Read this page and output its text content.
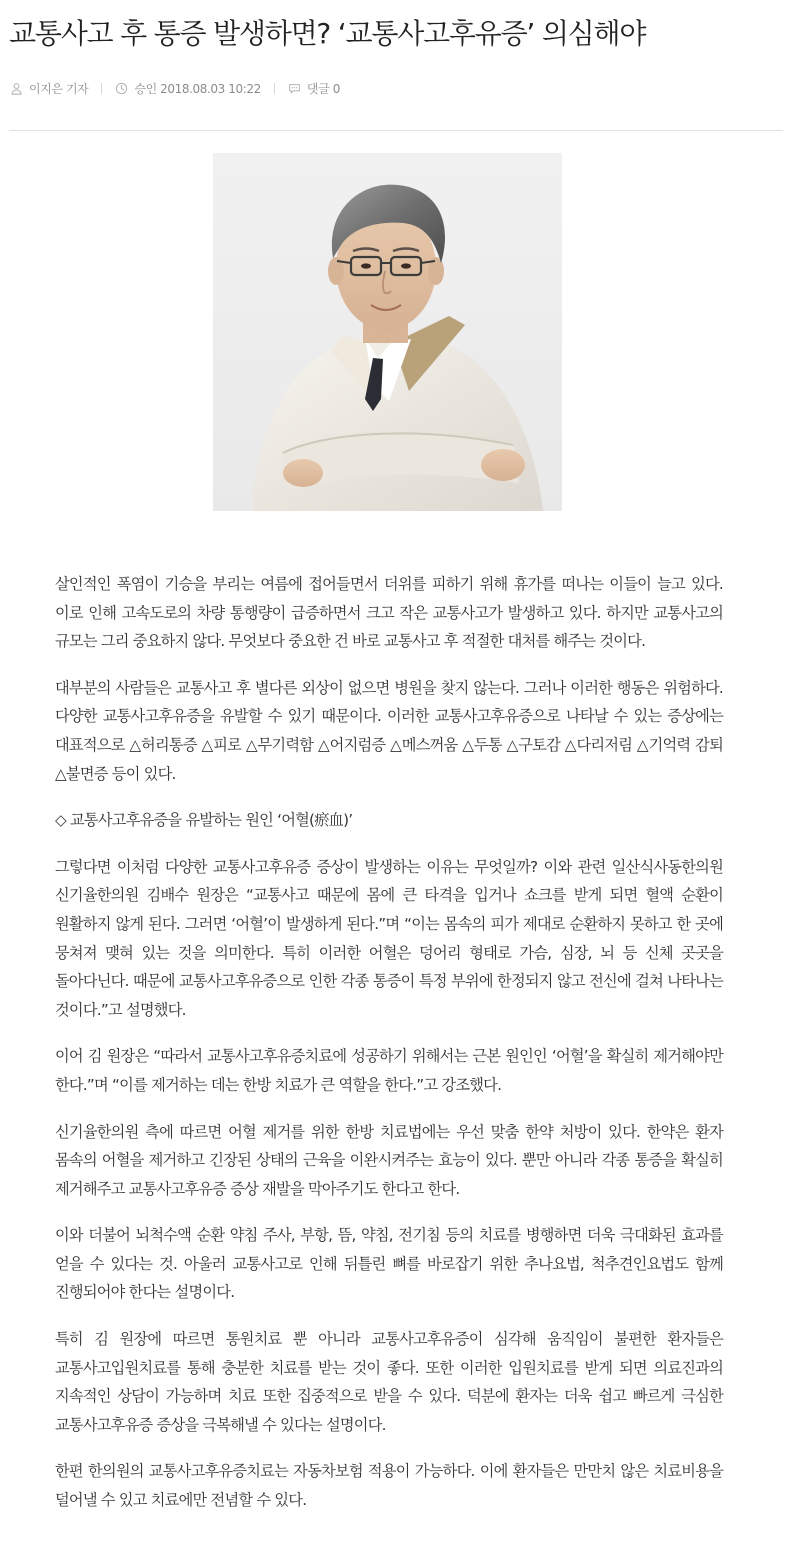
교통사고 후 통증 발생하면? ‘교통사고후유증’ 의심해야
이지은 기자	승인 2018.08.03 10:22	댓글 0

살인적인 폭염이 기승을 부리는 여름에 접어들면서 더위를 피하기 위해 휴가를 떠나는 이들이 늘고 있다. 이로 인해 고속도로의 차량 통행량이 급증하면서 크고 작은 교통사고가 발생하고 있다. 하지만 교통사고의 규모는 그리 중요하지 않다. 무엇보다 중요한 건 바로 교통사고 후 적절한 대처를 해주는 것이다.

대부분의 사람들은 교통사고 후 별다른 외상이 없으면 병원을 찾지 않는다. 그러나 이러한 행동은 위험하다. 다양한 교통사고후유증을 유발할 수 있기 때문이다. 이러한 교통사고후유증으로 나타날 수 있는 증상에는 대표적으로 △허리통증 △피로 △무기력함 △어지럼증 △메스꺼움 △두통 △구토감 △다리저림 △기억력 감퇴 △불면증 등이 있다.

◇ 교통사고후유증을 유발하는 원인 ‘어혈(瘀血)’

그렇다면 이처럼 다양한 교통사고후유증 증상이 발생하는 이유는 무엇일까? 이와 관련 일산식사동한의원 신기율한의원 김배수 원장은 “교통사고 때문에 몸에 큰 타격을 입거나 쇼크를 받게 되면 혈액 순환이 원활하지 않게 된다. 그러면 ‘어혈’이 발생하게 된다.”며 “이는 몸속의 피가 제대로 순환하지 못하고 한 곳에 뭉쳐져 맺혀 있는 것을 의미한다. 특히 이러한 어혈은 덩어리 형태로 가슴, 심장, 뇌 등 신체 곳곳을 돌아다닌다. 때문에 교통사고후유증으로 인한 각종 통증이 특정 부위에 한정되지 않고 전신에 걸쳐 나타나는 것이다.”고 설명했다.

이어 김 원장은 “따라서 교통사고후유증치료에 성공하기 위해서는 근본 원인인 ‘어혈’을 확실히 제거해야만 한다.”며 “이를 제거하는 데는 한방 치료가 큰 역할을 한다.”고 강조했다.

신기율한의원 측에 따르면 어혈 제거를 위한 한방 치료법에는 우선 맞춤 한약 처방이 있다. 한약은 환자 몸속의 어혈을 제거하고 긴장된 상태의 근육을 이완시켜주는 효능이 있다. 뿐만 아니라 각종 통증을 확실히 제거해주고 교통사고후유증 증상 재발을 막아주기도 한다고 한다.

이와 더불어 뇌척수액 순환 약침 주사, 부항, 뜸, 약침, 전기침 등의 치료를 병행하면 더욱 극대화된 효과를 얻을 수 있다는 것. 아울러 교통사고로 인해 뒤틀린 뼈를 바로잡기 위한 추나요법, 척추견인요법도 함께 진행되어야 한다는 설명이다.

특히 김 원장에 따르면 통원치료 뿐 아니라 교통사고후유증이 심각해 움직임이 불편한 환자들은 교통사고입원치료를 통해 충분한 치료를 받는 것이 좋다. 또한 이러한 입원치료를 받게 되면 의료진과의 지속적인 상담이 가능하며 치료 또한 집중적으로 받을 수 있다. 덕분에 환자는 더욱 쉽고 빠르게 극심한 교통사고후유증 증상을 극복해낼 수 있다는 설명이다.

한편 한의원의 교통사고후유증치료는 자동차보험 적용이 가능하다. 이에 환자들은 만만치 않은 치료비용을 덜어낼 수 있고 치료에만 전념할 수 있다.
